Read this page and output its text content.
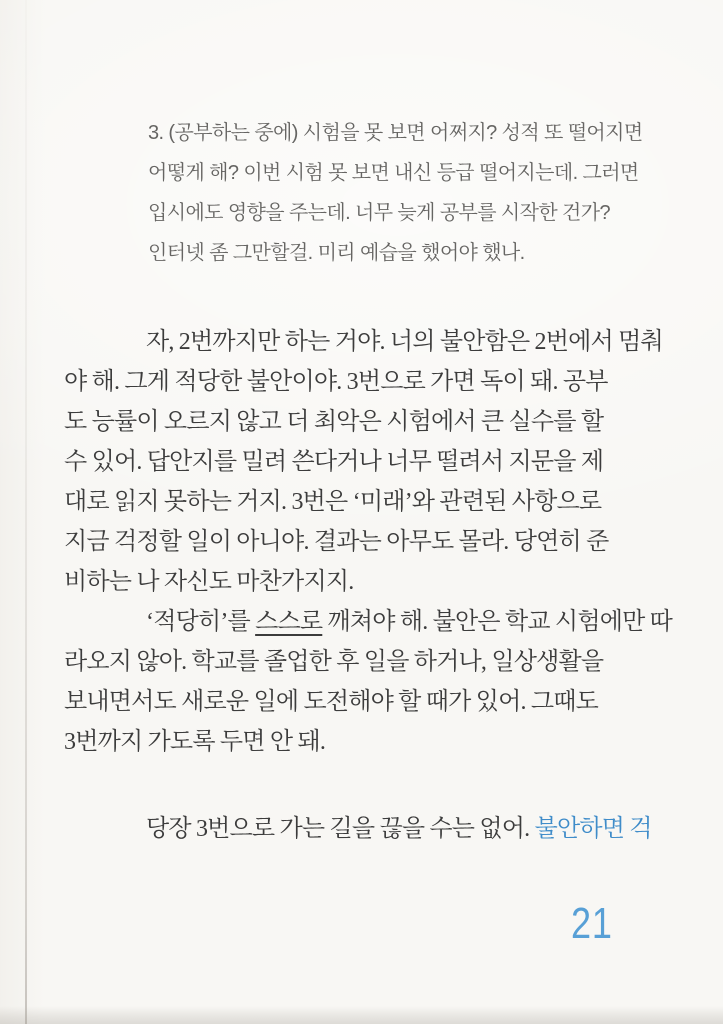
3. (공부하는 중에) 시험을 못 보면 어쩌지? 성적 또 떨어지면
어떻게 해? 이번 시험 못 보면 내신 등급 떨어지는데. 그러면
입시에도 영향을 주는데. 너무 늦게 공부를 시작한 건가?
인터넷 좀 그만할걸. 미리 예습을 했어야 했나.
자, 2번까지만 하는 거야. 너의 불안함은 2번에서 멈춰
야 해. 그게 적당한 불안이야. 3번으로 가면 독이 돼. 공부
도 능률이 오르지 않고 더 최악은 시험에서 큰 실수를 할
수 있어. 답안지를 밀려 쓴다거나 너무 떨려서 지문을 제
대로 읽지 못하는 거지. 3번은 ‘미래’와 관련된 사항으로
지금 걱정할 일이 아니야. 결과는 아무도 몰라. 당연히 준
비하는 나 자신도 마찬가지지.
‘적당히’를 스스로 깨쳐야 해. 불안은 학교 시험에만 따
라오지 않아. 학교를 졸업한 후 일을 하거나, 일상생활을
보내면서도 새로운 일에 도전해야 할 때가 있어. 그때도
3번까지 가도록 두면 안 돼.
당장 3번으로 가는 길을 끊을 수는 없어. 불안하면 걱
21
